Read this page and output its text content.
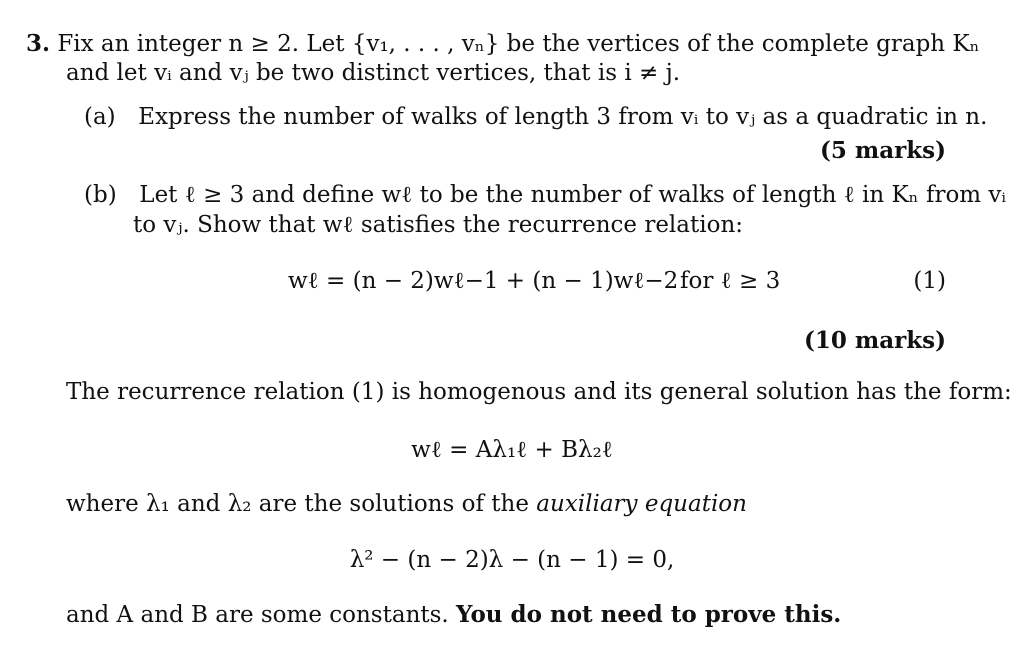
3. Fix an integer n ≥ 2. Let {v₁, . . . , vₙ} be the vertices of the complete graph Kₙ
and let vᵢ and vⱼ be two distinct vertices, that is i ≠ j.
(a) Express the number of walks of length 3 from vᵢ to vⱼ as a quadratic in n.
(5 marks)
(b) Let ℓ ≥ 3 and define wℓ to be the number of walks of length ℓ in Kₙ from vᵢ
to vⱼ. Show that wℓ satisfies the recurrence relation:
wℓ = (n − 2)wℓ−1 + (n − 1)wℓ−2 for ℓ ≥ 3	(1)
(10 marks)
The recurrence relation (1) is homogenous and its general solution has the form:
wℓ = Aλ₁ℓ + Bλ₂ℓ
where λ₁ and λ₂ are the solutions of the auxiliary equation
λ² − (n − 2)λ − (n − 1) = 0,
and A and B are some constants. You do not need to prove this.
